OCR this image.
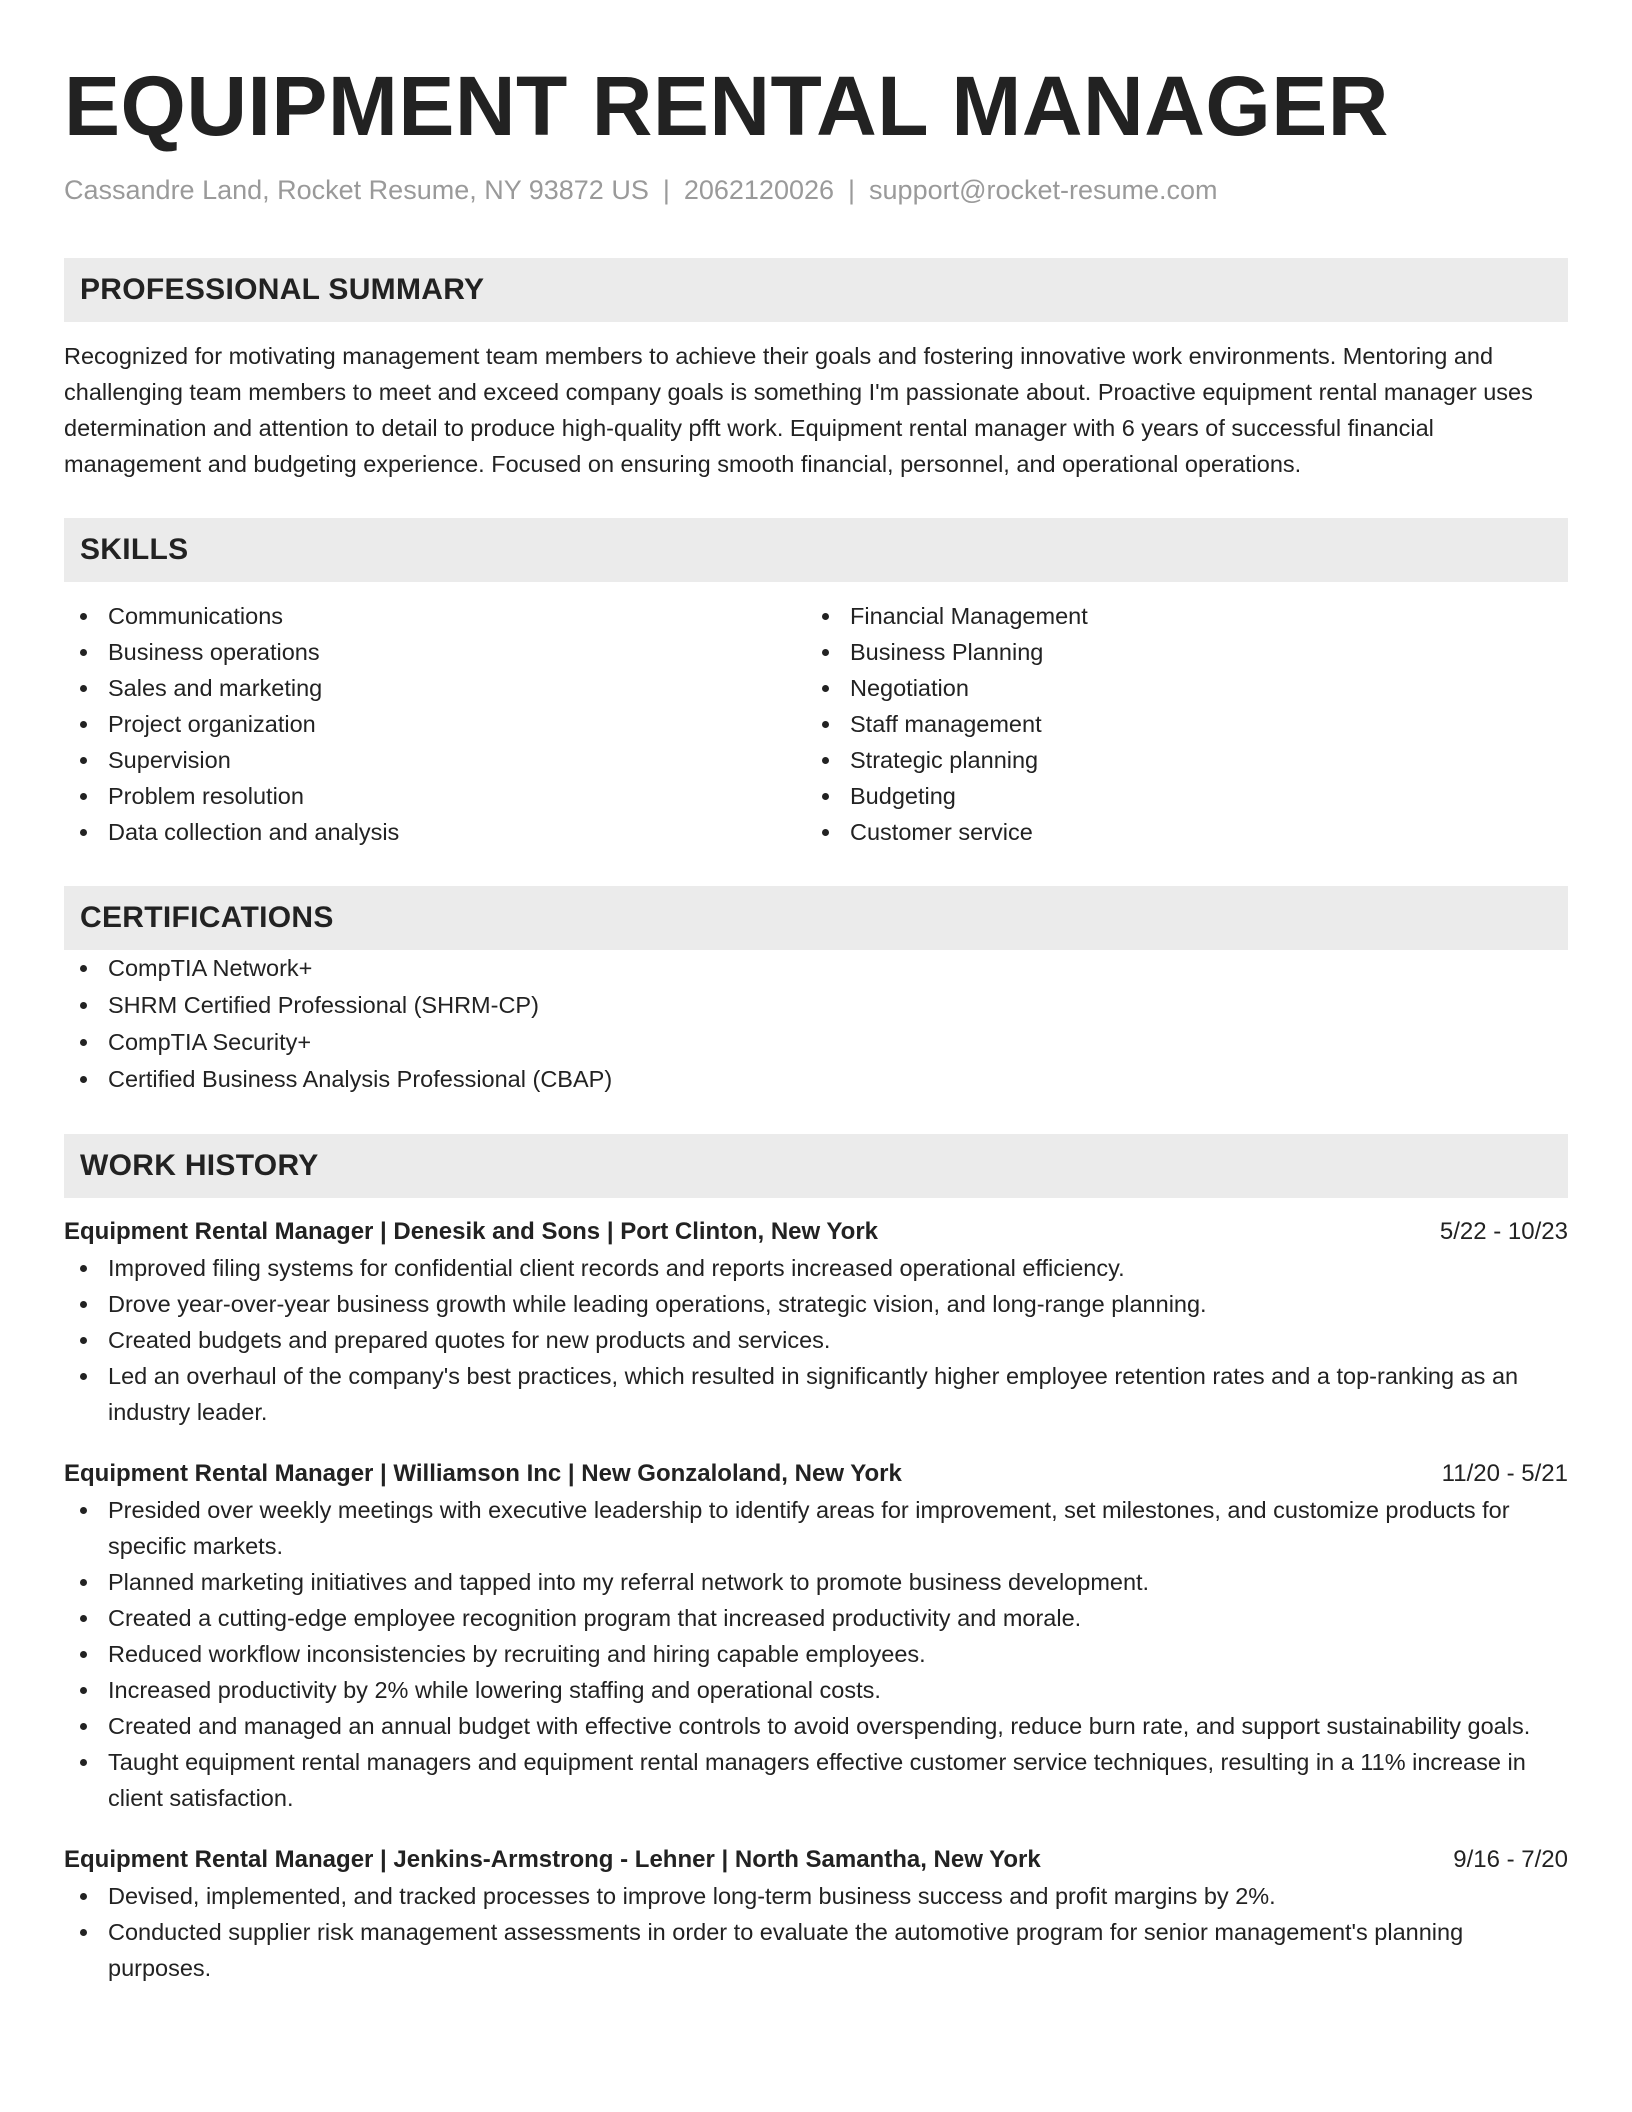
EQUIPMENT RENTAL MANAGER
Cassandre Land, Rocket Resume, NY 93872 US | 2062120026 | support@rocket-resume.com
PROFESSIONAL SUMMARY

Recognized for motivating management team members to achieve their goals and fostering innovative work environments. Mentoring and challenging team members to meet and exceed company goals is something I'm passionate about. Proactive equipment rental manager uses determination and attention to detail to produce high-quality pfft work. Equipment rental manager with 6 years of successful financial management and budgeting experience. Focused on ensuring smooth financial, personnel, and operational operations.

SKILLS
Communications
Business operations
Sales and marketing
Project organization
Supervision
Problem resolution
Data collection and analysis
Financial Management
Business Planning
Negotiation
Staff management
Strategic planning
Budgeting
Customer service
CERTIFICATIONS
CompTIA Network+
SHRM Certified Professional (SHRM-CP)
CompTIA Security+
Certified Business Analysis Professional (CBAP)
WORK HISTORY
Equipment Rental Manager | Denesik and Sons | Port Clinton, New York	5/22 - 10/23
Improved filing systems for confidential client records and reports increased operational efficiency.
Drove year-over-year business growth while leading operations, strategic vision, and long-range planning.
Created budgets and prepared quotes for new products and services.
Led an overhaul of the company's best practices, which resulted in significantly higher employee retention rates and a top-ranking as an industry leader.
Equipment Rental Manager | Williamson Inc | New Gonzaloland, New York	11/20 - 5/21
Presided over weekly meetings with executive leadership to identify areas for improvement, set milestones, and customize products for specific markets.
Planned marketing initiatives and tapped into my referral network to promote business development.
Created a cutting-edge employee recognition program that increased productivity and morale.
Reduced workflow inconsistencies by recruiting and hiring capable employees.
Increased productivity by 2% while lowering staffing and operational costs.
Created and managed an annual budget with effective controls to avoid overspending, reduce burn rate, and support sustainability goals.
Taught equipment rental managers and equipment rental managers effective customer service techniques, resulting in a 11% increase in client satisfaction.
Equipment Rental Manager | Jenkins-Armstrong - Lehner | North Samantha, New York	9/16 - 7/20
Devised, implemented, and tracked processes to improve long-term business success and profit margins by 2%.
Conducted supplier risk management assessments in order to evaluate the automotive program for senior management's planning purposes.
